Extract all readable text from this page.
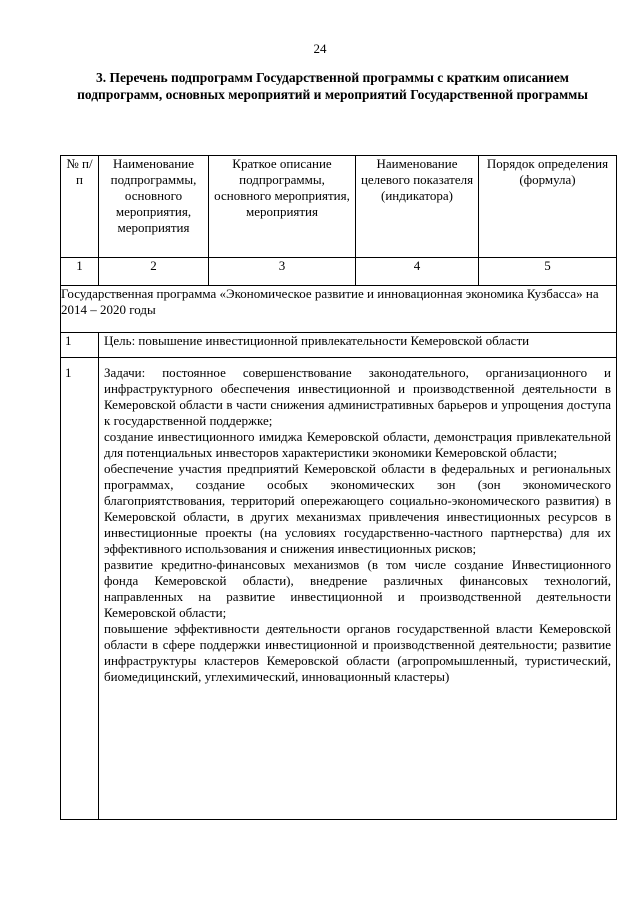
24
3. Перечень подпрограмм Государственной программы с кратким описанием подпрограмм, основных мероприятий и мероприятий Государственной программы
№ п/п	Наименование подпрограммы, основного мероприятия, мероприятия	Краткое описание подпрограммы, основного мероприятия, мероприятия	Наименование целевого показателя (индикатора)	Порядок определения (формула)

1	2	3	4	5
Государственная программа «Экономическое развитие и инновационная экономика Кузбасса» на 2014 – 2020 годы				
1	Цель: повышение инвестиционной привлекательности Кемеровской области			
1	Задачи: постоянное совершенствование законодательного, организационного и инфраструктурного обеспечения инвестиционной и производственной деятельности в Кемеровской области в части снижения административных барьеров и упрощения доступа к государственной поддержке;

создание инвестиционного имиджа Кемеровской области, демонстрация привлекательной для потенциальных инвесторов характеристики экономики Кемеровской области;

обеспечение участия предприятий Кемеровской области в федеральных и региональных программах, создание особых экономических зон (зон экономического благоприятствования, территорий опережающего социально-экономического развития) в Кемеровской области, в других механизмах привлечения инвестиционных ресурсов в инвестиционные проекты (на условиях государственно-частного партнерства) для их эффективного использования и снижения инвестиционных рисков;

развитие кредитно-финансовых механизмов (в том числе создание Инвестиционного фонда Кемеровской области), внедрение различных финансовых технологий, направленных на развитие инвестиционной и производственной деятельности Кемеровской области;

повышение эффективности деятельности органов государственной власти Кемеровской области в сфере поддержки инвестиционной и производственной деятельности; развитие инфраструктуры кластеров Кемеровской области (агропромышленный, туристический, биомедицинский, углехимический, инновационный кластеры)			
